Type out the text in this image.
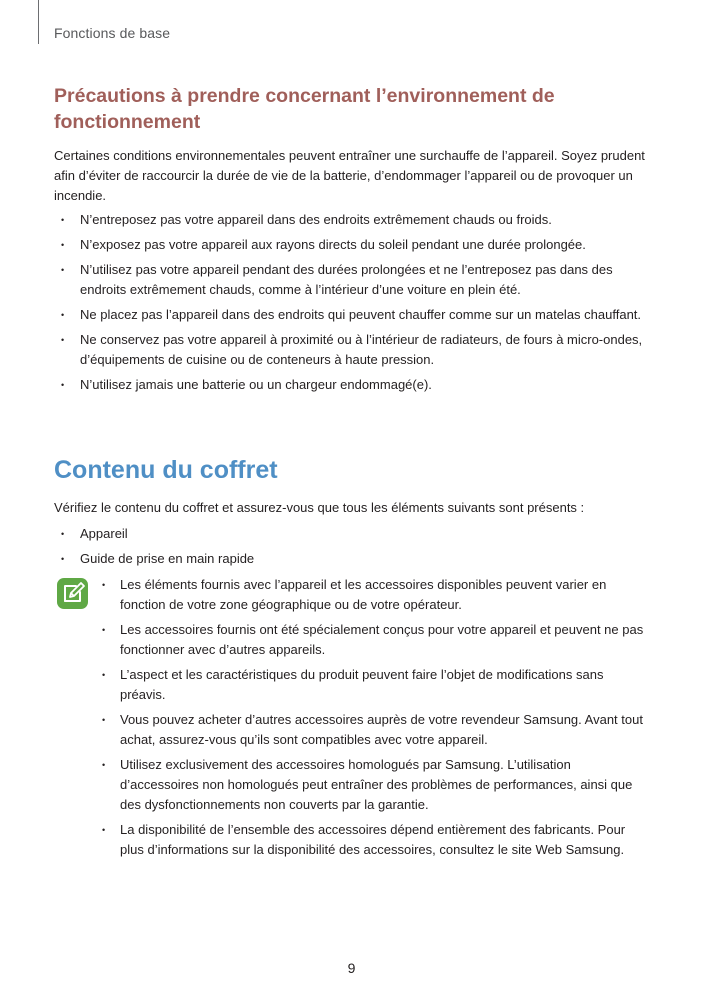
Fonctions de base
Précautions à prendre concernant l’environnement de fonctionnement

Certaines conditions environnementales peuvent entraîner une surchauffe de l’appareil. Soyez prudent afin d’éviter de raccourcir la durée de vie de la batterie, d’endommager l’appareil ou de provoquer un incendie.

• N’entreposez pas votre appareil dans des endroits extrêmement chauds ou froids.
• N’exposez pas votre appareil aux rayons directs du soleil pendant une durée prolongée.
• N’utilisez pas votre appareil pendant des durées prolongées et ne l’entreposez pas dans des endroits extrêmement chauds, comme à l’intérieur d’une voiture en plein été.
• Ne placez pas l’appareil dans des endroits qui peuvent chauffer comme sur un matelas chauffant.
• Ne conservez pas votre appareil à proximité ou à l’intérieur de radiateurs, de fours à micro-ondes, d’équipements de cuisine ou de conteneurs à haute pression.
• N’utilisez jamais une batterie ou un chargeur endommagé(e).
Contenu du coffret

Vérifiez le contenu du coffret et assurez-vous que tous les éléments suivants sont présents :

• Appareil
• Guide de prise en main rapide
• Les éléments fournis avec l’appareil et les accessoires disponibles peuvent varier en fonction de votre zone géographique ou de votre opérateur.
• Les accessoires fournis ont été spécialement conçus pour votre appareil et peuvent ne pas fonctionner avec d’autres appareils.
• L’aspect et les caractéristiques du produit peuvent faire l’objet de modifications sans préavis.
• Vous pouvez acheter d’autres accessoires auprès de votre revendeur Samsung. Avant tout achat, assurez-vous qu’ils sont compatibles avec votre appareil.
• Utilisez exclusivement des accessoires homologués par Samsung. L’utilisation d’accessoires non homologués peut entraîner des problèmes de performances, ainsi que des dysfonctionnements non couverts par la garantie.
• La disponibilité de l’ensemble des accessoires dépend entièrement des fabricants. Pour plus d’informations sur la disponibilité des accessoires, consultez le site Web Samsung.
9
